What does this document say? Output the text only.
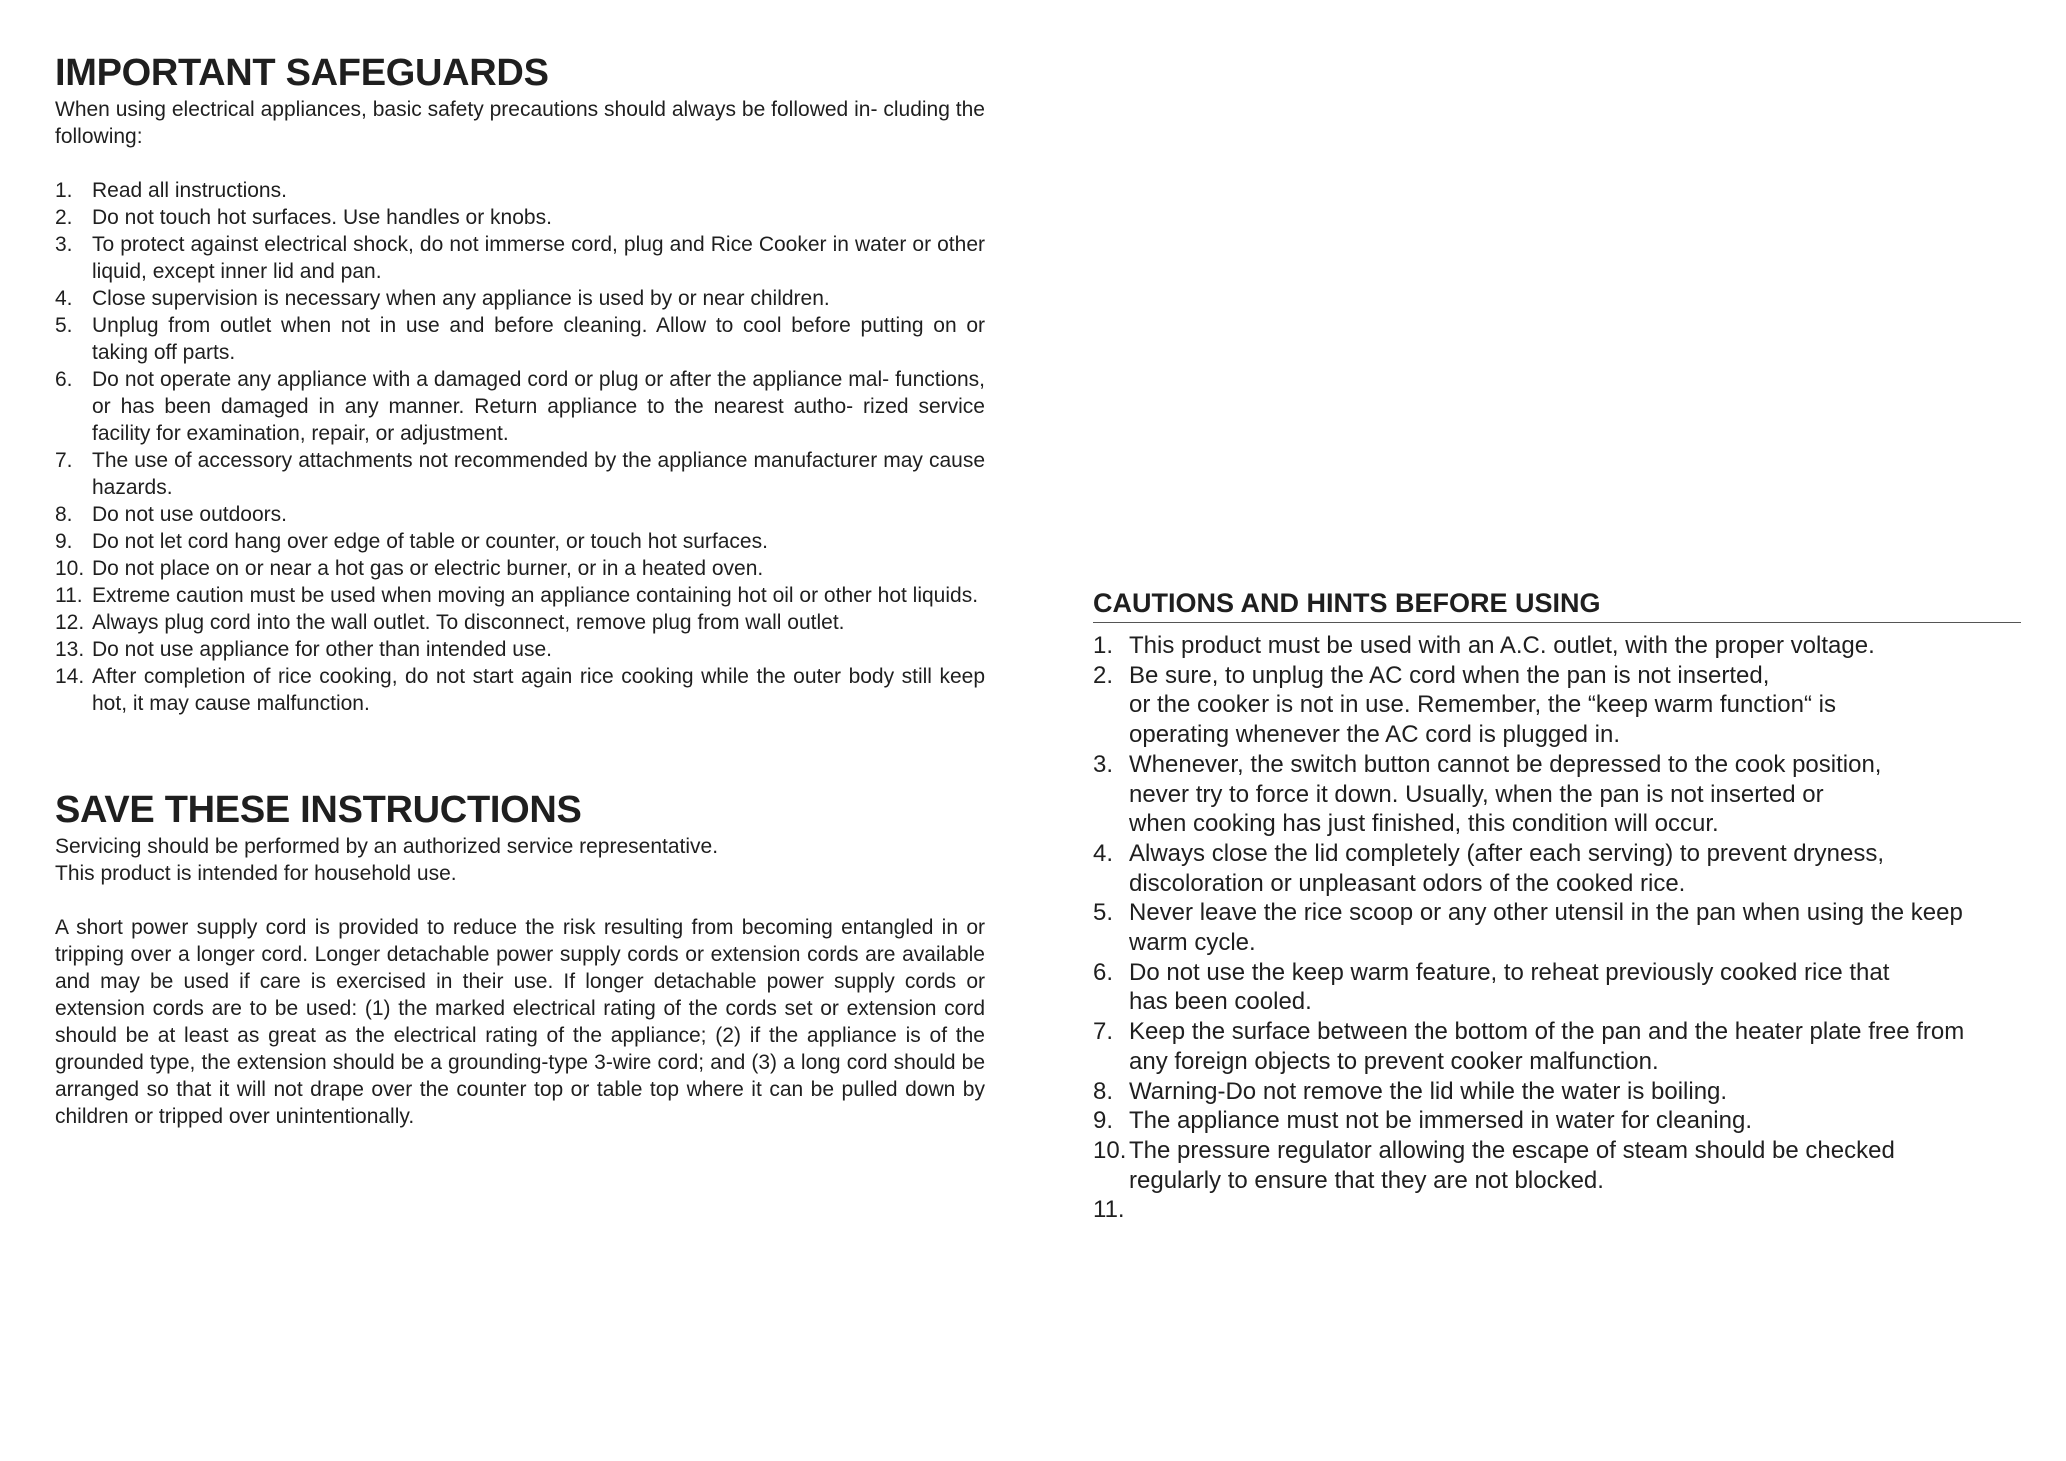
IMPORTANT SAFEGUARDS

When using electrical appliances, basic safety precautions should always be followed in- cluding the following:

1. Read all instructions.
2. Do not touch hot surfaces. Use handles or knobs.
3. To protect against electrical shock, do not immerse cord, plug and Rice Cooker in water or other liquid, except inner lid and pan.
4. Close supervision is necessary when any appliance is used by or near children.
5. Unplug from outlet when not in use and before cleaning. Allow to cool before putting on or taking off parts.
6. Do not operate any appliance with a damaged cord or plug or after the appliance mal- functions, or has been damaged in any manner. Return appliance to the nearest autho- rized service facility for examination, repair, or adjustment.
7. The use of accessory attachments not recommended by the appliance manufacturer may cause hazards.
8. Do not use outdoors.
9. Do not let cord hang over edge of table or counter, or touch hot surfaces.
10. Do not place on or near a hot gas or electric burner, or in a heated oven.
11. Extreme caution must be used when moving an appliance containing hot oil or other hot liquids.
12. Always plug cord into the wall outlet. To disconnect, remove plug from wall outlet.
13. Do not use appliance for other than intended use.
14. After completion of rice cooking, do not start again rice cooking while the outer body still keep hot, it may cause malfunction.
SAVE THESE INSTRUCTIONS

Servicing should be performed by an authorized service representative.

This product is intended for household use.

A short power supply cord is provided to reduce the risk resulting from becoming entangled in or tripping over a longer cord. Longer detachable power supply cords or extension cords are available and may be used if care is exercised in their use. If longer detachable power supply cords or extension cords are to be used: (1) the marked electrical rating of the cords set or extension cord should be at least as great as the electrical rating of the appliance; (2) if the appliance is of the grounded type, the extension should be a grounding-type 3-wire cord; and (3) a long cord should be arranged so that it will not drape over the counter top or table top where it can be pulled down by children or tripped over unintentionally.

CAUTIONS AND HINTS BEFORE USING
1. This product must be used with an A.C. outlet, with the proper voltage.
2. Be sure, to unplug the AC cord when the pan is not inserted,
or the cooker is not in use. Remember, the “keep warm function“ is
operating whenever the AC cord is plugged in.
3. Whenever, the switch button cannot be depressed to the cook position,
never try to force it down. Usually, when the pan is not inserted or
when cooking has just finished, this condition will occur.
4. Always close the lid completely (after each serving) to prevent dryness,
discoloration or unpleasant odors of the cooked rice.
5. Never leave the rice scoop or any other utensil in the pan when using the keep
warm cycle.
6. Do not use the keep warm feature, to reheat previously cooked rice that
has been cooled.
7. Keep the surface between the bottom of the pan and the heater plate free from
any foreign objects to prevent cooker malfunction.
8. Warning-Do not remove the lid while the water is boiling.
9. The appliance must not be immersed in water for cleaning.
10. The pressure regulator allowing the escape of steam should be checked
regularly to ensure that they are not blocked.
11.
